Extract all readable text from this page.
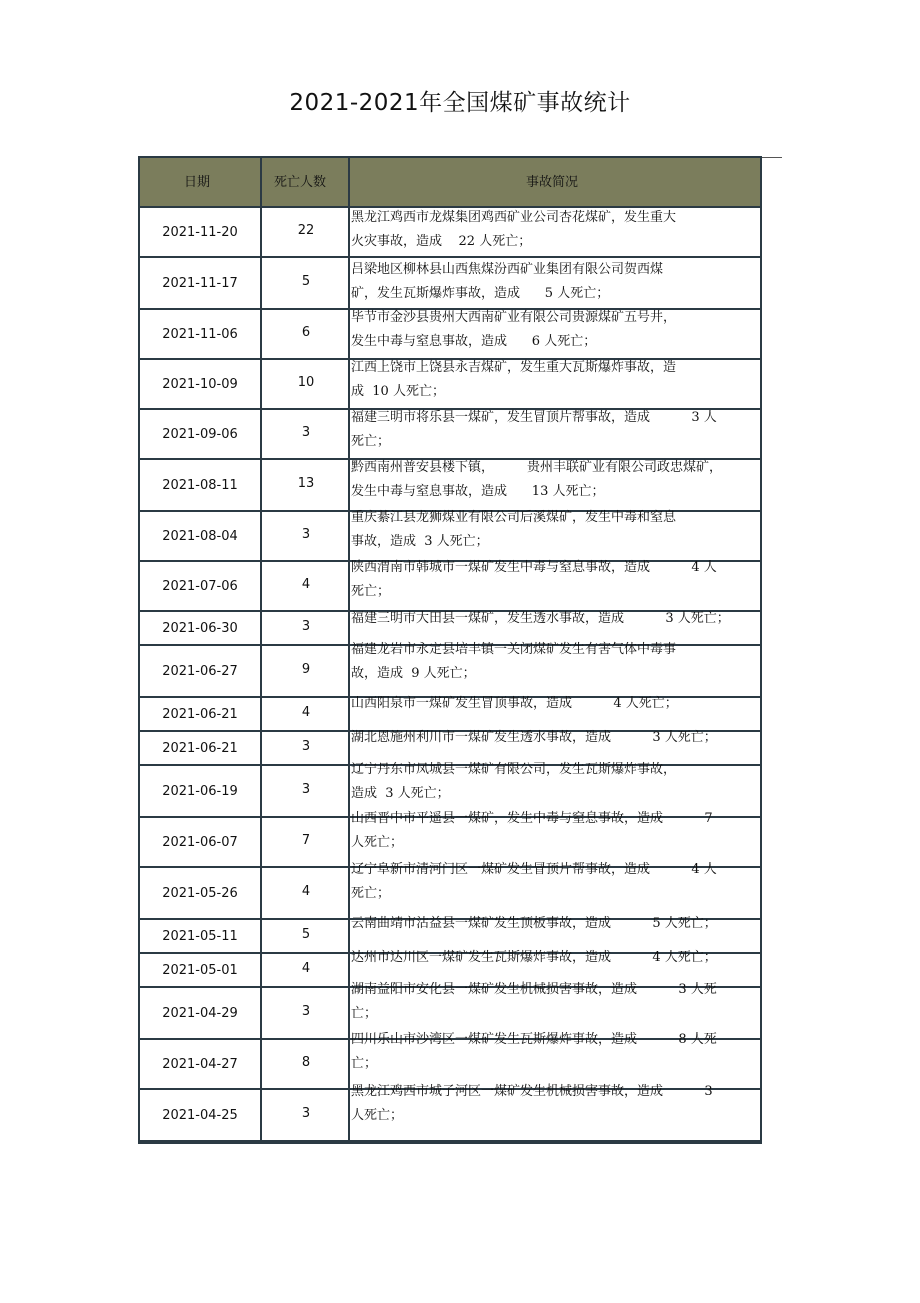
2021-2021年全国煤矿事故统计
日期	死亡人数	事故简况
2021-11-20	22
黑龙江鸡西市龙煤集团鸡西矿业公司杏花煤矿，发生重大
火灾事故，造成    22 人死亡；
2021-11-17	5
吕梁地区柳林县山西焦煤汾西矿业集团有限公司贺西煤
矿，发生瓦斯爆炸事故，造成      5 人死亡；
2021-11-06	6
毕节市金沙县贵州大西南矿业有限公司贵源煤矿五号井，
发生中毒与窒息事故，造成      6 人死亡；
2021-10-09	10
江西上饶市上饶县永吉煤矿，发生重大瓦斯爆炸事故，造
成  10 人死亡；
2021-09-06	3
福建三明市将乐县一煤矿，发生冒顶片帮事故，造成          3 人
死亡；
2021-08-11	13
黔西南州普安县楼下镇，        贵州丰联矿业有限公司政忠煤矿，
发生中毒与窒息事故，造成      13 人死亡；
2021-08-04	3
重庆綦江县龙狮煤业有限公司后溪煤矿，发生中毒和窒息
事故，造成  3 人死亡；
2021-07-06	4
陕西渭南市韩城市一煤矿发生中毒与窒息事故，造成          4 人
死亡；
2021-06-30	3
福建三明市大田县一煤矿，发生透水事故，造成          3 人死亡；
2021-06-27	9
福建龙岩市永定县培丰镇一关闭煤矿发生有害气体中毒事
故，造成  9 人死亡；
2021-06-21	4
山西阳泉市一煤矿发生冒顶事故，造成          4 人死亡；
2021-06-21	3
湖北恩施州利川市一煤矿发生透水事故，造成          3 人死亡；
2021-06-19	3
辽宁丹东市凤城县一煤矿有限公司，发生瓦斯爆炸事故，
造成  3 人死亡；
2021-06-07	7
山西晋中市平遥县一煤矿，发生中毒与窒息事故，造成          7
人死亡；
2021-05-26	4
辽宁阜新市清河门区一煤矿发生冒顶片帮事故，造成          4 人
死亡；
2021-05-11	5
云南曲靖市沾益县一煤矿发生顶板事故，造成          5 人死亡；
2021-05-01	4
达州市达川区一煤矿发生瓦斯爆炸事故，造成          4 人死亡；
2021-04-29	3
湖南益阳市安化县一煤矿发生机械损害事故，造成          3 人死
亡；
2021-04-27	8
四川乐山市沙湾区一煤矿发生瓦斯爆炸事故，造成          8 人死
亡；
2021-04-25	3
黑龙江鸡西市城子河区一煤矿发生机械损害事故，造成          3
人死亡；
